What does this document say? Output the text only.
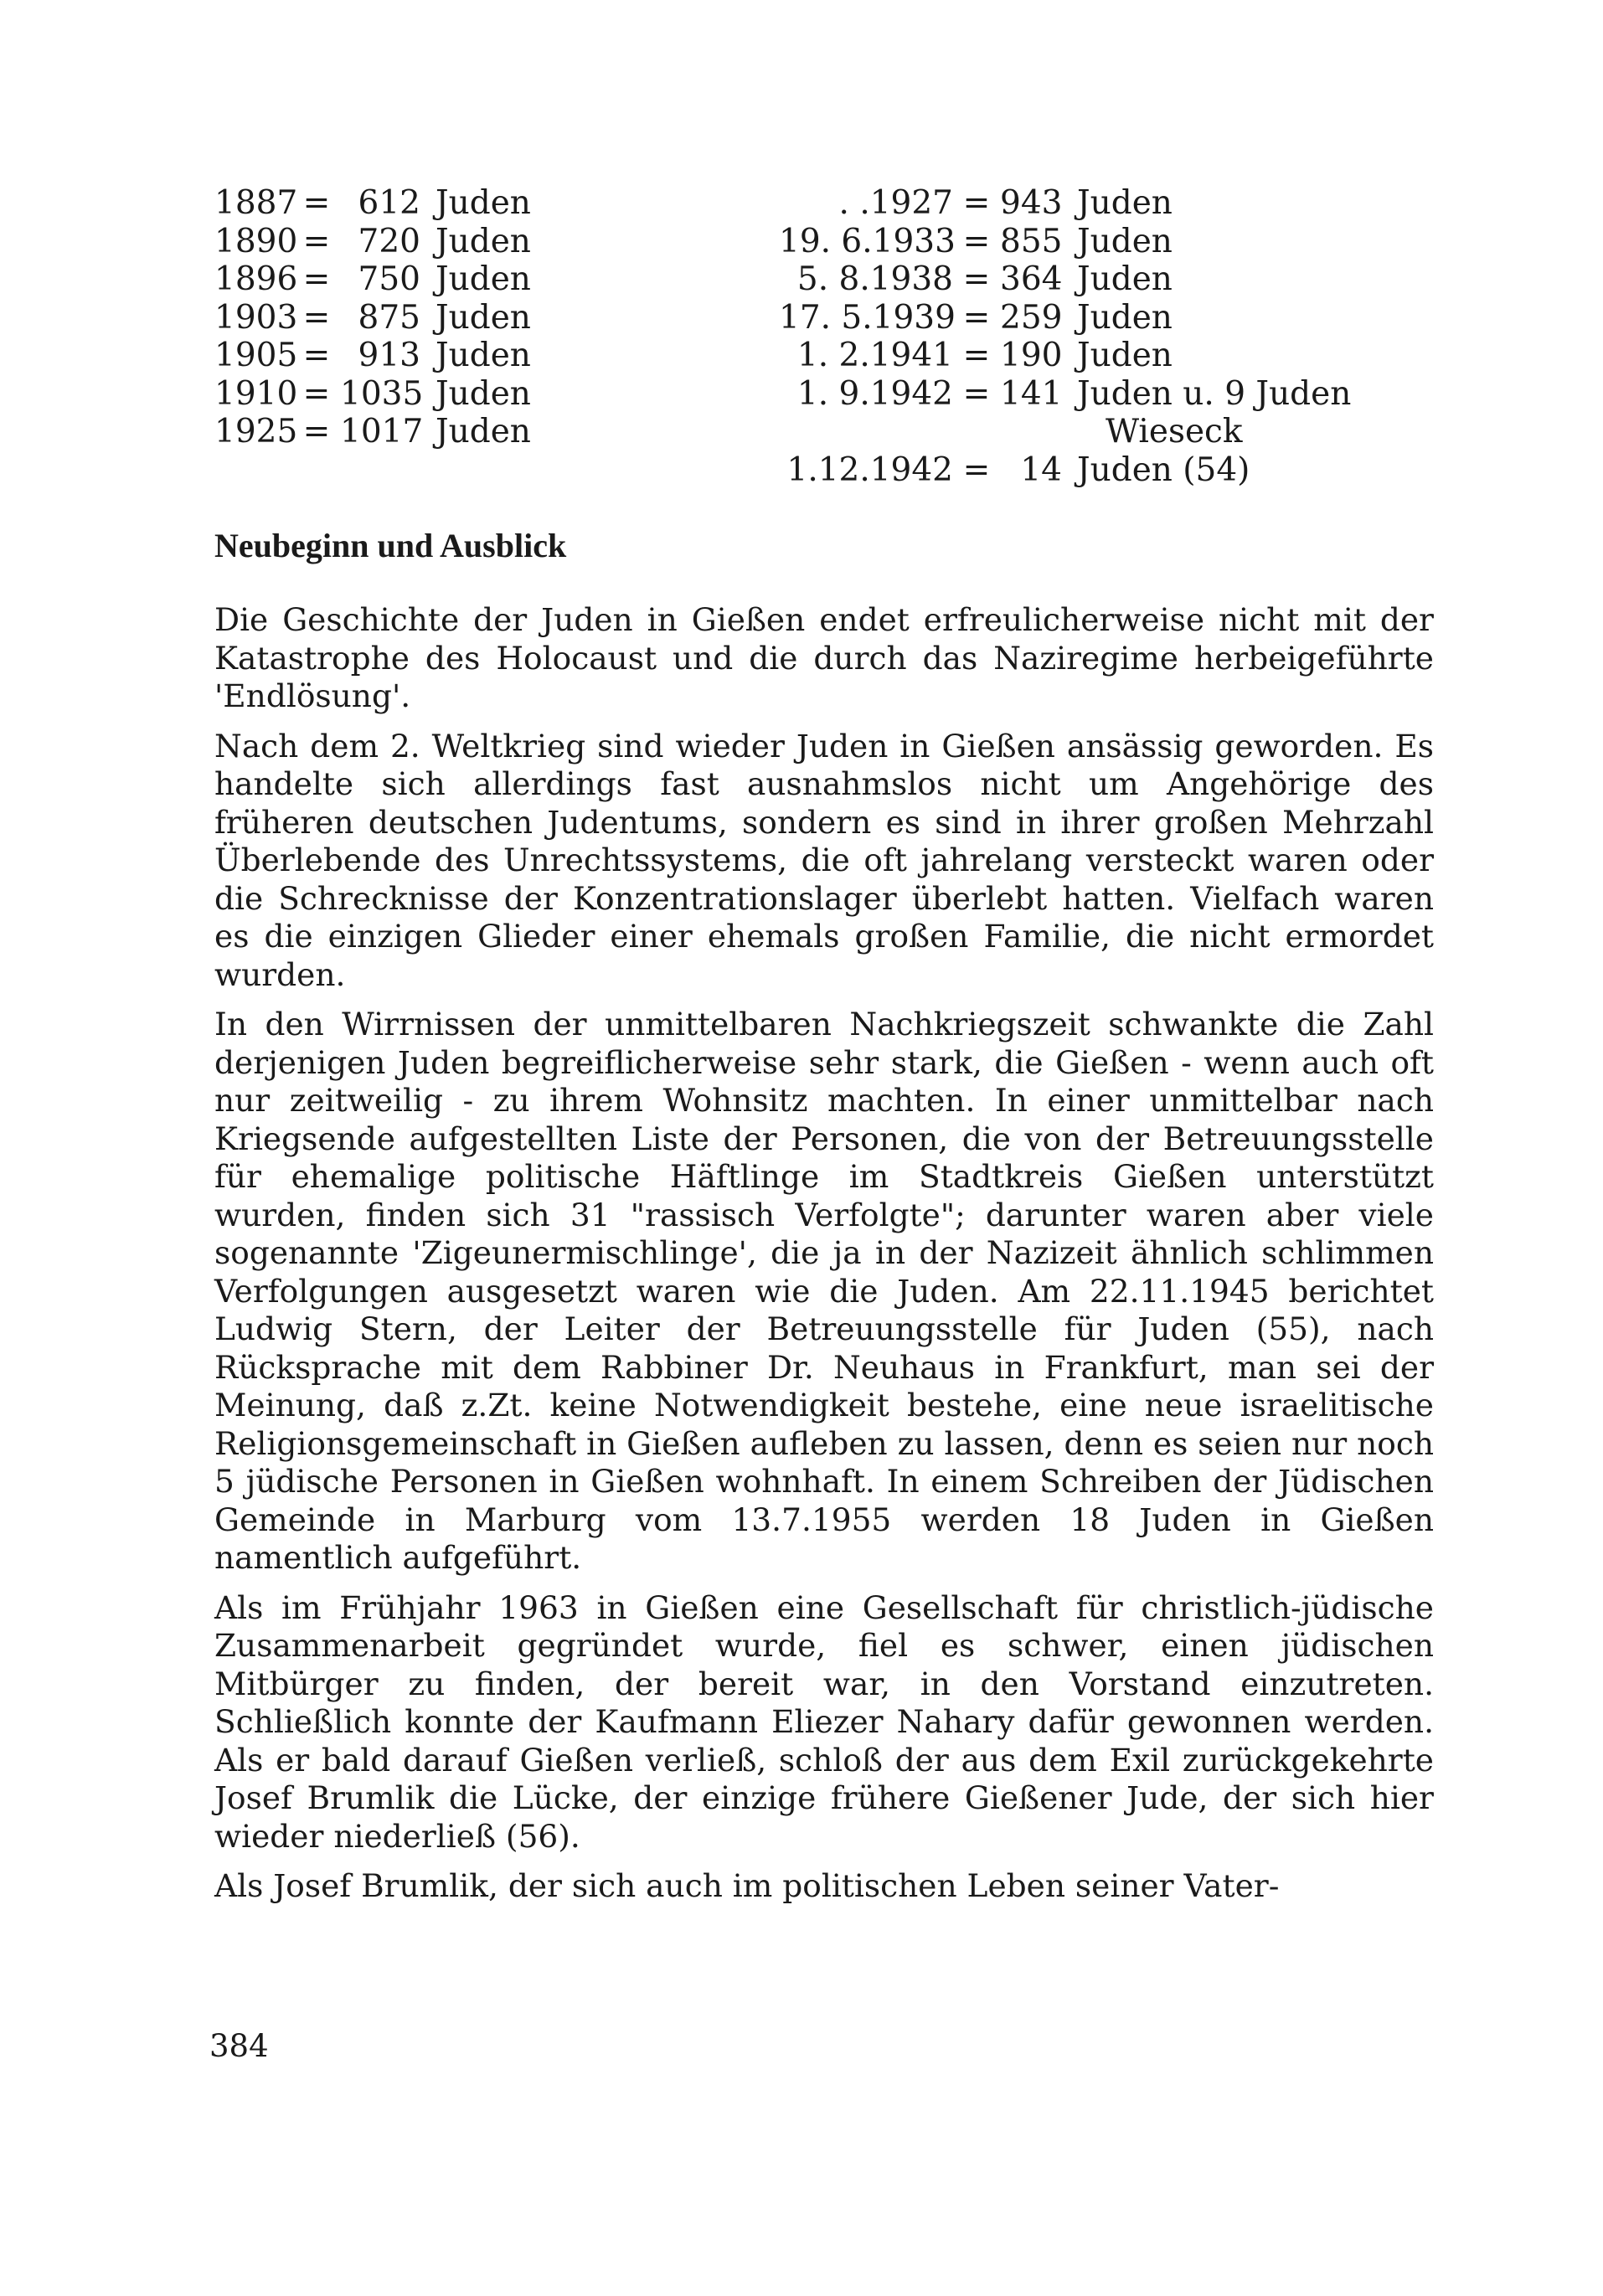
1887 = 612 Juden
1890 = 720 Juden
1896 = 750 Juden
1903 = 875 Juden
1905 = 913 Juden
1910 = 1035 Juden
1925 = 1017 Juden
. .1927 = 943 Juden
19. 6.1933 = 855 Juden
5. 8.1938 = 364 Juden
17. 5.1939 = 259 Juden
1. 2.1941 = 190 Juden
1. 9.1942 = 141 Juden u. 9 Juden
Wieseck
1.12.1942 = 14 Juden (54)
Neubeginn und Ausblick

Die Geschichte der Juden in Gießen endet erfreulicherweise nicht mit der Katastrophe des Holocaust und die durch das Naziregime herbeigeführte 'Endlösung'.

Nach dem 2. Weltkrieg sind wieder Juden in Gießen ansässig geworden. Es handelte sich allerdings fast ausnahmslos nicht um Angehörige des früheren deutschen Judentums, sondern es sind in ihrer großen Mehrzahl Überlebende des Unrechtssystems, die oft jahrelang versteckt waren oder die Schrecknisse der Konzentrationslager überlebt hatten. Vielfach waren es die einzigen Glieder einer ehemals großen Familie, die nicht ermordet wurden.

In den Wirrnissen der unmittelbaren Nachkriegszeit schwankte die Zahl derjenigen Juden begreiflicherweise sehr stark, die Gießen - wenn auch oft nur zeitweilig - zu ihrem Wohnsitz machten. In einer unmittelbar nach Kriegsende aufgestellten Liste der Personen, die von der Betreuungsstelle für ehemalige politische Häftlinge im Stadtkreis Gießen unterstützt wurden, finden sich 31 "rassisch Verfolgte"; darunter waren aber viele sogenannte 'Zigeunermischlinge', die ja in der Nazizeit ähnlich schlimmen Verfolgungen ausgesetzt waren wie die Juden. Am 22.11.1945 berichtet Ludwig Stern, der Leiter der Betreuungsstelle für Juden (55), nach Rücksprache mit dem Rabbiner Dr. Neuhaus in Frankfurt, man sei der Meinung, daß z.Zt. keine Notwendigkeit bestehe, eine neue israelitische Religionsgemeinschaft in Gießen aufleben zu lassen, denn es seien nur noch 5 jüdische Personen in Gießen wohnhaft. In einem Schreiben der Jüdischen Gemeinde in Marburg vom 13.7.1955 werden 18 Juden in Gießen namentlich aufgeführt.

Als im Frühjahr 1963 in Gießen eine Gesellschaft für christlich-jüdische Zusammenarbeit gegründet wurde, fiel es schwer, einen jüdischen Mitbürger zu finden, der bereit war, in den Vorstand einzutreten. Schließlich konnte der Kaufmann Eliezer Nahary dafür gewonnen werden. Als er bald darauf Gießen verließ, schloß der aus dem Exil zurückgekehrte Josef Brumlik die Lücke, der einzige frühere Gießener Jude, der sich hier wieder niederließ (56).

Als Josef Brumlik, der sich auch im politischen Leben seiner Vater-

384
